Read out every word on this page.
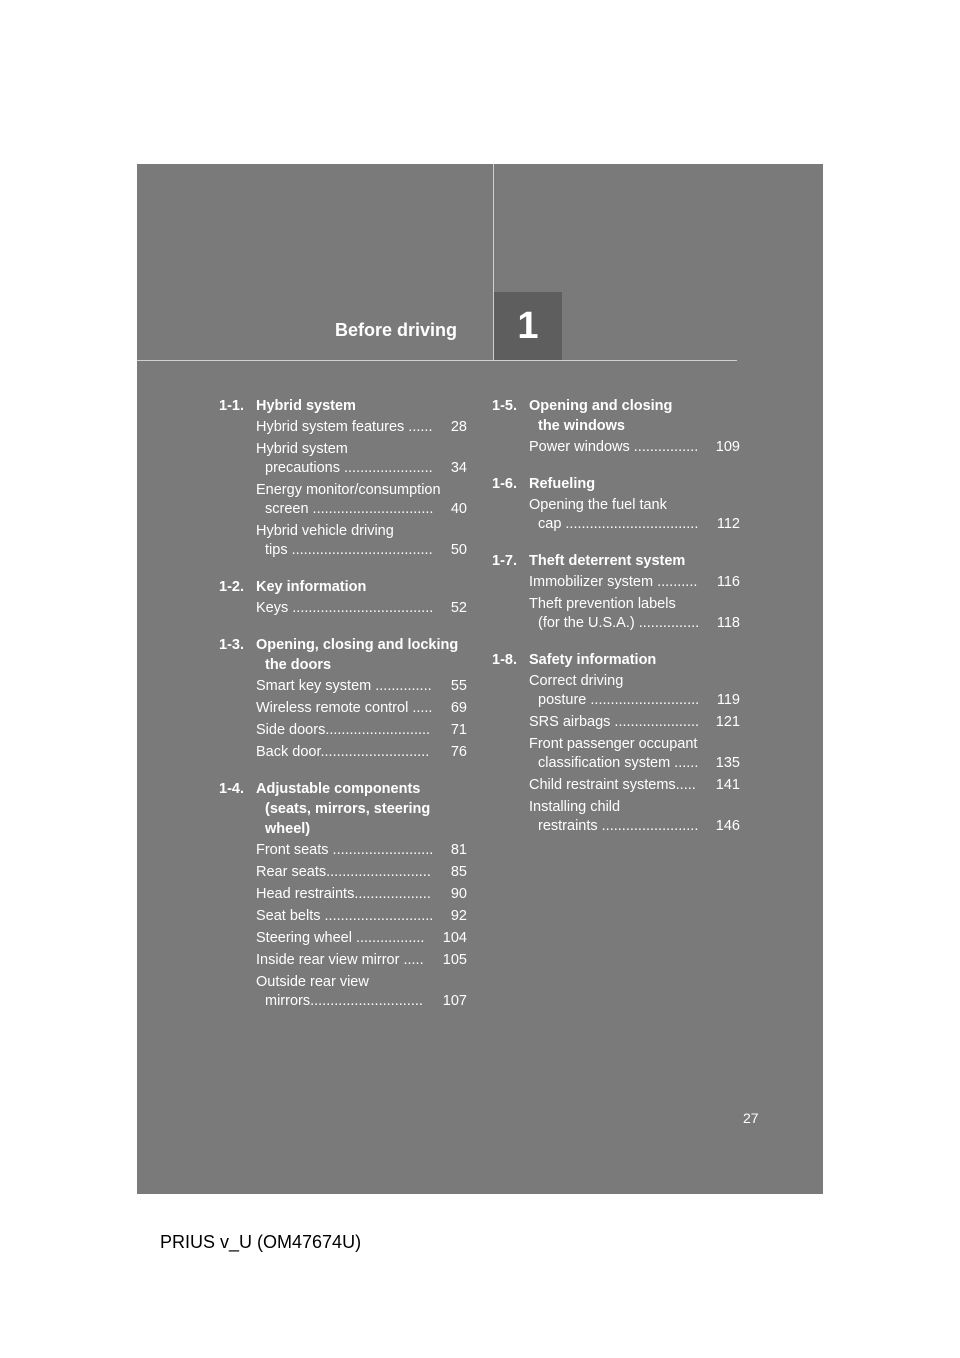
Before driving	1
1-1. Hybrid system
Hybrid system features ......	28
Hybrid system
precautions ......................	34
Energy monitor/consumption
screen ..............................	40
Hybrid vehicle driving
tips ...................................	50
1-2. Key information
Keys ...................................	52
1-3. Opening, closing and locking
the doors
Smart key system ..............	55
Wireless remote control .....	69
Side doors..........................	71
Back door...........................	76
1-4. Adjustable components
(seats, mirrors, steering
wheel)
Front seats .........................	81
Rear seats..........................	85
Head restraints...................	90
Seat belts ...........................	92
Steering wheel .................	104
Inside rear view mirror .....	105
Outside rear view
mirrors............................	107
1-5. Opening and closing
the windows
Power windows ................	109
1-6. Refueling
Opening the fuel tank
cap .................................	112
1-7. Theft deterrent system
Immobilizer system ..........	116
Theft prevention labels
(for the U.S.A.) ...............	118
1-8. Safety information
Correct driving
posture ...........................	119
SRS airbags .....................	121
Front passenger occupant
classification system ......	135
Child restraint systems.....	141
Installing child
restraints ........................	146
27
PRIUS v_U (OM47674U)
